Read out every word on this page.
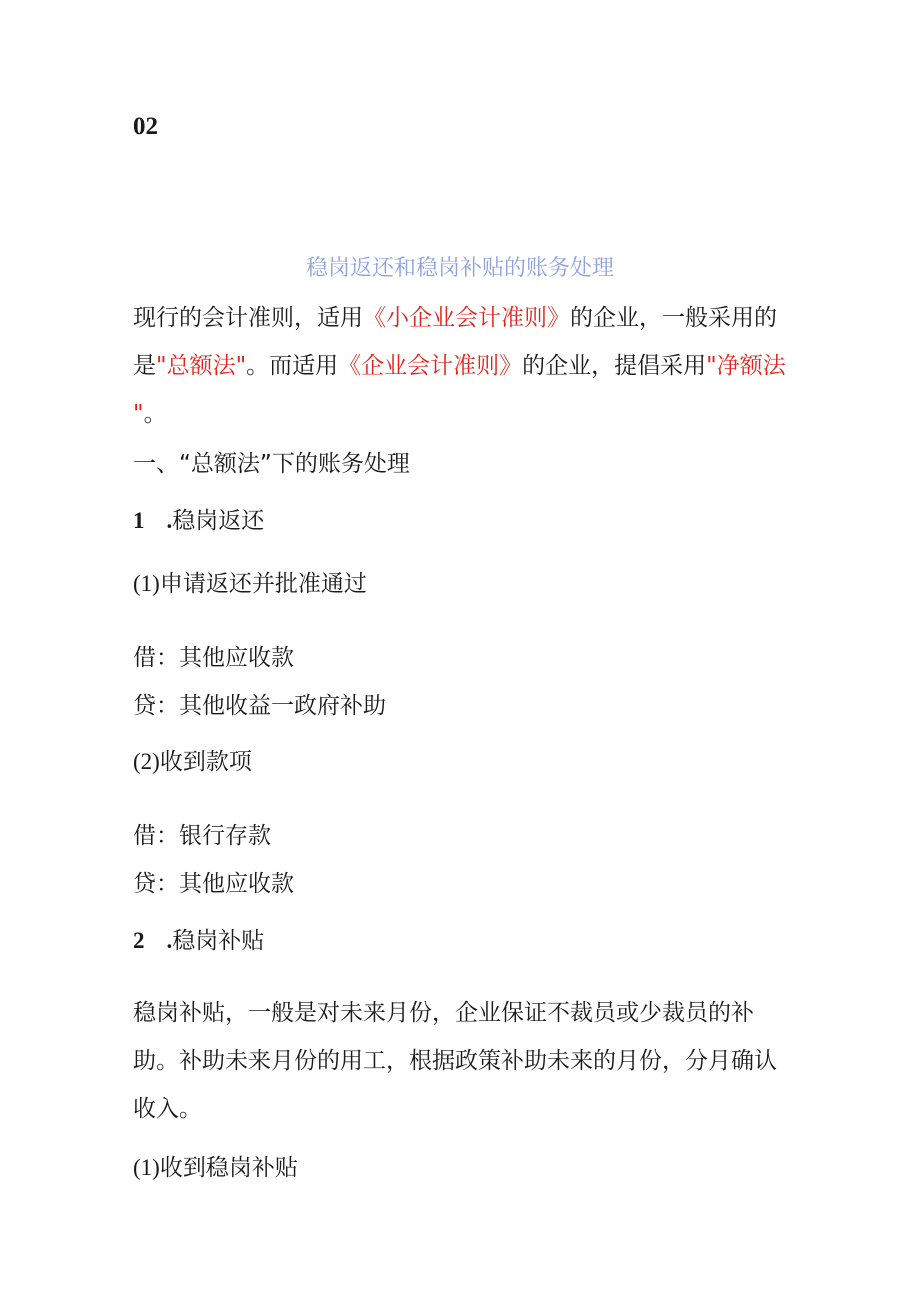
02

稳岗返还和稳岗补贴的账务处理

现行的会计准则，适用《小企业会计准则》的企业，一般采用的

是"总额法"。而适用《企业会计准则》的企业，提倡采用"净额法

"。

一、“总额法”下的账务处理

1 .稳岗返还

(1)申请返还并批准通过

借：其他应收款

贷：其他收益一政府补助

(2)收到款项

借：银行存款

贷：其他应收款

2 .稳岗补贴

稳岗补贴，一般是对未来月份，企业保证不裁员或少裁员的补

助。补助未来月份的用工，根据政策补助未来的月份，分月确认

收入。

(1)收到稳岗补贴
